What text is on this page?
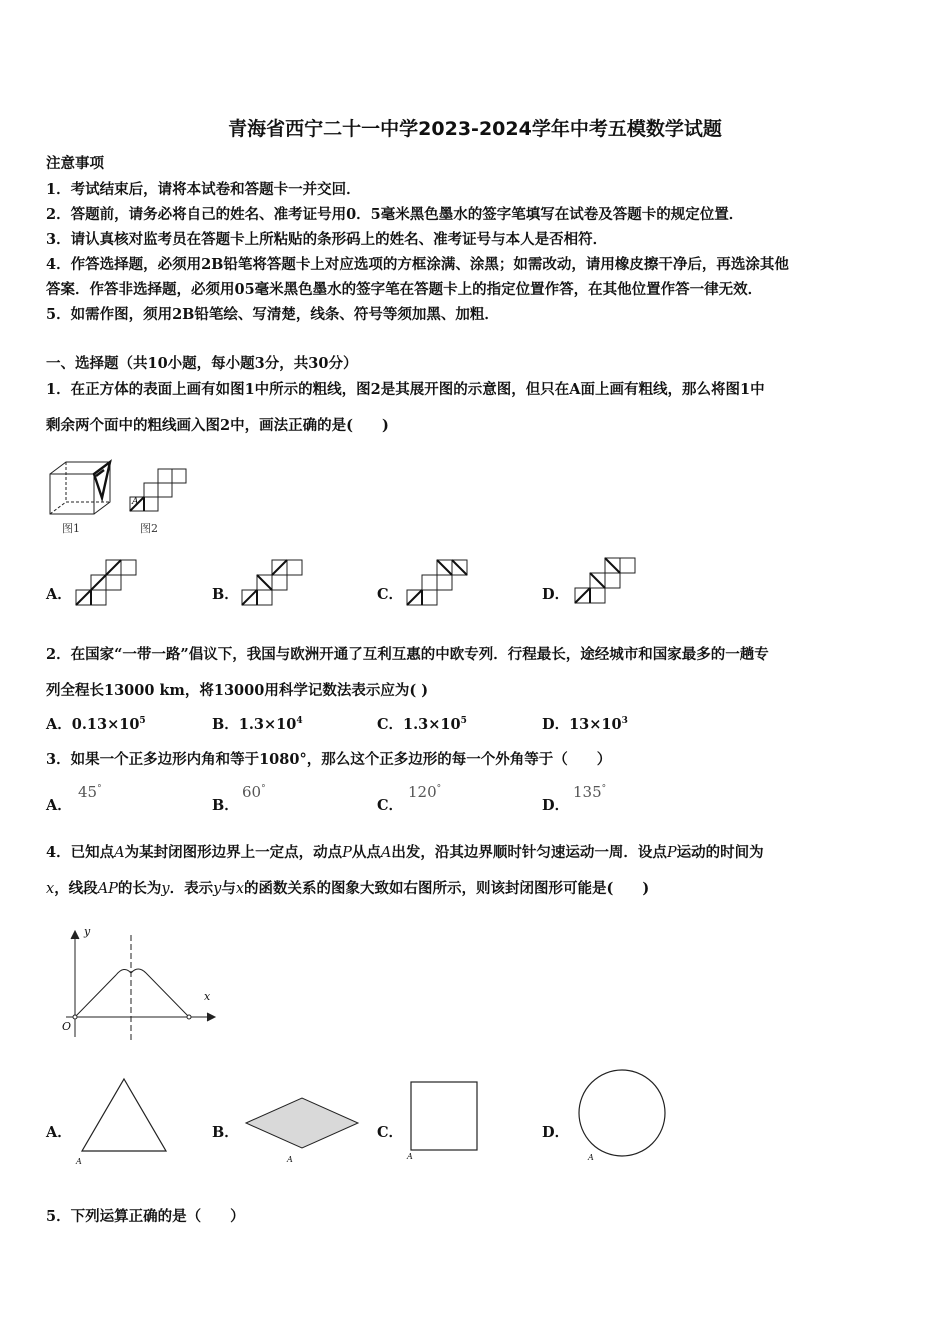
青海省西宁二十一中学2023-2024学年中考五模数学试题
注意事项
1．考试结束后，请将本试卷和答题卡一并交回．
2．答题前，请务必将自己的姓名、准考证号用0．5毫米黑色墨水的签字笔填写在试卷及答题卡的规定位置．
3．请认真核对监考员在答题卡上所粘贴的条形码上的姓名、准考证号与本人是否相符．
4．作答选择题，必须用2B铅笔将答题卡上对应选项的方框涂满、涂黑；如需改动，请用橡皮擦干净后，再选涂其他
答案．作答非选择题，必须用05毫米黑色墨水的签字笔在答题卡上的指定位置作答，在其他位置作答一律无效．
5．如需作图，须用2B铅笔绘、写清楚，线条、符号等须加黑、加粗．
一、选择题（共10小题，每小题3分，共30分）
1．在正方体的表面上画有如图1中所示的粗线，图2是其展开图的示意图，但只在A面上画有粗线，那么将图1中
剩余两个面中的粗线画入图2中，画法正确的是(　　)
图1
A
图2
A．	B．	C．	D．
2．在国家“一带一路”倡议下，我国与欧洲开通了互利互惠的中欧专列．行程最长，途经城市和国家最多的一趟专
列全程长13000 km，将13000用科学记数法表示应为( )
A．$0.13\times 10^5$	B．$1.3\times 10^4$	C．$1.3\times 10^5$	D．$13\times 10^3$
3．如果一个正多边形内角和等于1080°，那么这个正多边形的每一个外角等于（　　）
A．
45°
B．
60°
C．
120°
D．
135°
4．已知点A为某封闭图形边界上一定点，动点P从点A出发，沿其边界顺时针匀速运动一周．设点P运动的时间为
x，线段AP的长为y．表示y与x的函数关系的图象大致如右图所示，则该封闭图形可能是(　　)
y
x
O
A．
A
B．
A
C．
A
D．
A
5．下列运算正确的是（　　）
